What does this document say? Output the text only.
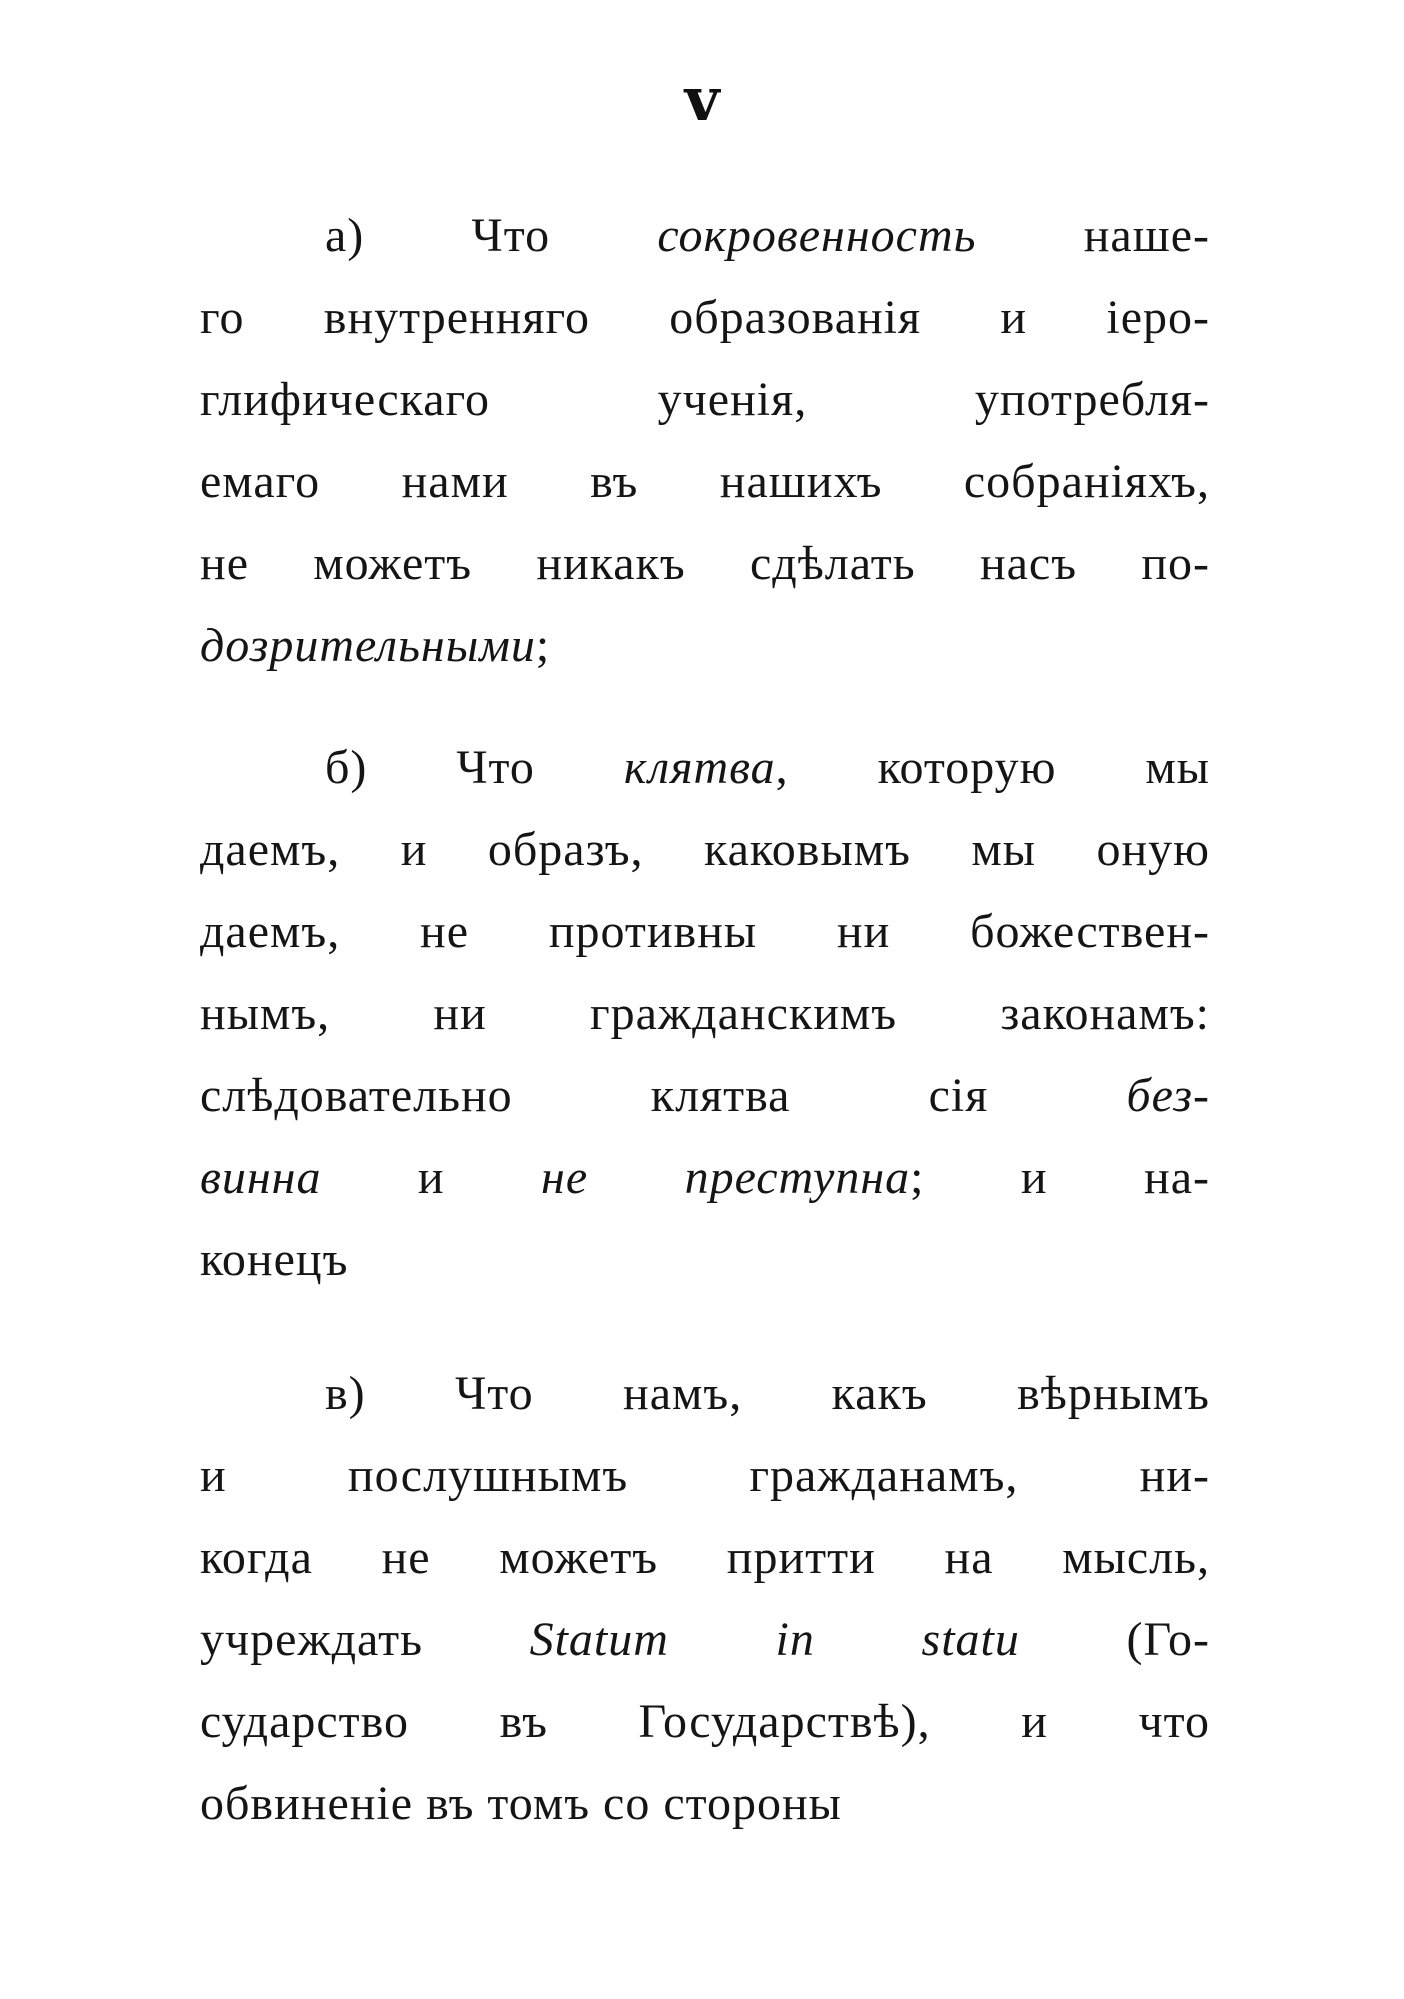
v
а) Что сокровенность наше-
го внутренняго образованія и іеро-
глифическаго ученія, употребля-
емаго нами въ нашихъ собраніяхъ,
не можетъ никакъ сдѣлать насъ по-
дозрительными;
б) Что клятва, которую мы
даемъ, и образъ, каковымъ мы оную
даемъ, не противны ни божествен-
нымъ, ни гражданскимъ законамъ:
слѣдовательно клятва сія без-
винна и не преступна; и на-
конецъ
в) Что намъ, какъ вѣрнымъ
и послушнымъ гражданамъ, ни-
когда не можетъ притти на мысль,
учреждать Statum in statu (Го-
сударство въ Государствѣ), и что
обвиненіе въ томъ со стороны
